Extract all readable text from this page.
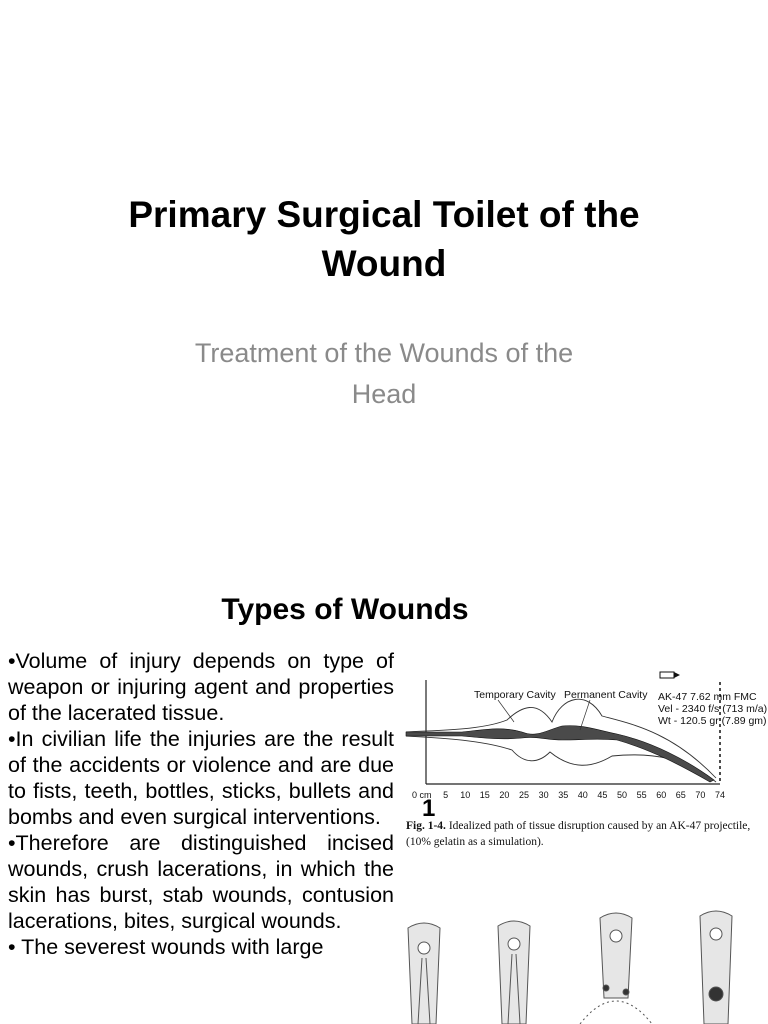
Primary Surgical Toilet of the
Wound
Treatment of the Wounds of the
Head
Types of Wounds

•Volume of injury depends on type of weapon or injuring agent and properties of the lacerated tissue.

•In civilian life the injuries are the result of the accidents or violence and are due to fists, teeth, bottles, sticks, bullets and bombs and even surgical interventions.

•Therefore are distinguished incised wounds, crush lacerations, in which the skin has burst, stab wounds, contusion lacerations, bites, surgical wounds.

• The severest wounds with large

Temporary Cavity Permanent Cavity AK-47 7.62 mm FMC
Vel - 2340 f/s (713 m/a)
Wt - 120.5 gr (7.89 gm)
0 cm 5 10 15 20 25 30 35 40 45 50 55 60 65 70 74
1
Fig. 1-4. Idealized path of tissue disruption caused by an AK-47 projectile, (10% gelatin as a simulation).
